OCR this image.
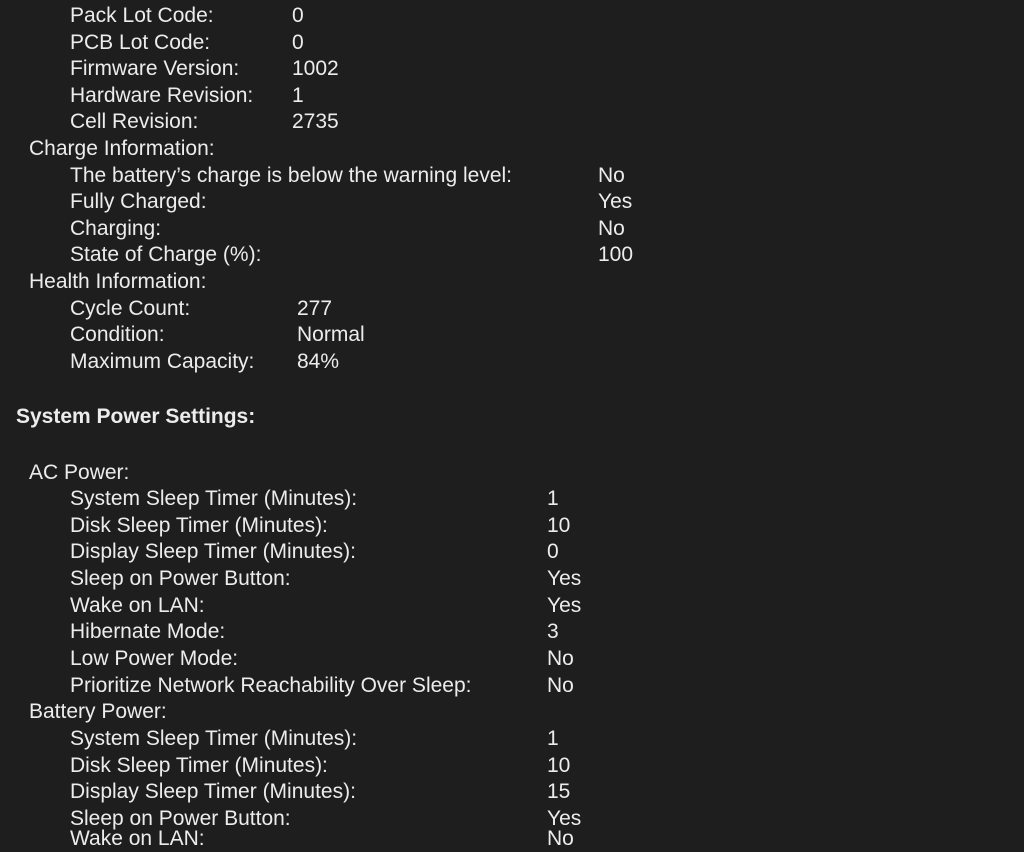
Pack Lot Code:	0
PCB Lot Code:	0
Firmware Version:	1002
Hardware Revision: 1
Cell Revision:	2735
Charge Information:
The battery’s charge is below the warning level:	No
Fully Charged:	Yes
Charging:	No
State of Charge (%):	100
Health Information:
Cycle Count:	277
Condition:	Normal
Maximum Capacity: 84%
System Power Settings:
AC Power:
System Sleep Timer (Minutes):	1
Disk Sleep Timer (Minutes):	10
Display Sleep Timer (Minutes):	0
Sleep on Power Button:	Yes
Wake on LAN:	Yes
Hibernate Mode:	3
Low Power Mode:	No
Prioritize Network Reachability Over Sleep:	No
Battery Power:
System Sleep Timer (Minutes):	1
Disk Sleep Timer (Minutes):	10
Display Sleep Timer (Minutes):	15
Sleep on Power Button:	Yes
Wake on LAN:	No
